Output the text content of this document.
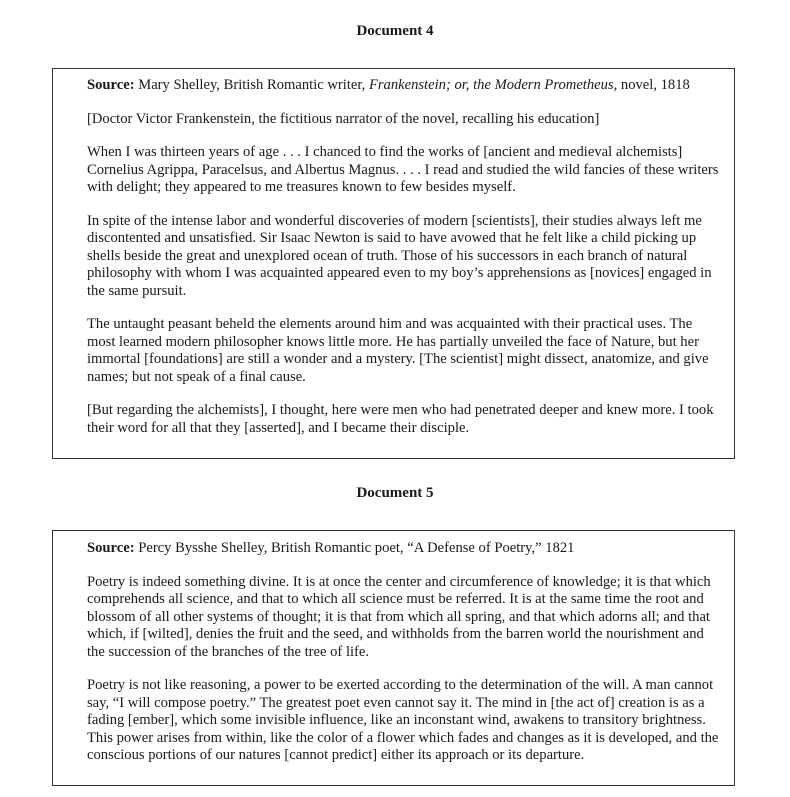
Document 4

Source: Mary Shelley, British Romantic writer, Frankenstein; or, the Modern Prometheus, novel, 1818

[Doctor Victor Frankenstein, the fictitious narrator of the novel, recalling his education]

When I was thirteen years of age . . . I chanced to find the works of [ancient and medieval alchemists] Cornelius Agrippa, Paracelsus, and Albertus Magnus. . . . I read and studied the wild fancies of these writers with delight; they appeared to me treasures known to few besides myself.

In spite of the intense labor and wonderful discoveries of modern [scientists], their studies always left me discontented and unsatisfied. Sir Isaac Newton is said to have avowed that he felt like a child picking up shells beside the great and unexplored ocean of truth. Those of his successors in each branch of natural philosophy with whom I was acquainted appeared even to my boy’s apprehensions as [novices] engaged in the same pursuit.

The untaught peasant beheld the elements around him and was acquainted with their practical uses. The most learned modern philosopher knows little more. He has partially unveiled the face of Nature, but her immortal [foundations] are still a wonder and a mystery. [The scientist] might dissect, anatomize, and give names; but not speak of a final cause.

[But regarding the alchemists], I thought, here were men who had penetrated deeper and knew more. I took their word for all that they [asserted], and I became their disciple.

Document 5

Source: Percy Bysshe Shelley, British Romantic poet, “A Defense of Poetry,” 1821

Poetry is indeed something divine. It is at once the center and circumference of knowledge; it is that which comprehends all science, and that to which all science must be referred. It is at the same time the root and blossom of all other systems of thought; it is that from which all spring, and that which adorns all; and that which, if [wilted], denies the fruit and the seed, and withholds from the barren world the nourishment and the succession of the branches of the tree of life.

Poetry is not like reasoning, a power to be exerted according to the determination of the will. A man cannot say, “I will compose poetry.” The greatest poet even cannot say it. The mind in [the act of] creation is as a fading [ember], which some invisible influence, like an inconstant wind, awakens to transitory brightness. This power arises from within, like the color of a flower which fades and changes as it is developed, and the conscious portions of our natures [cannot predict] either its approach or its departure.
